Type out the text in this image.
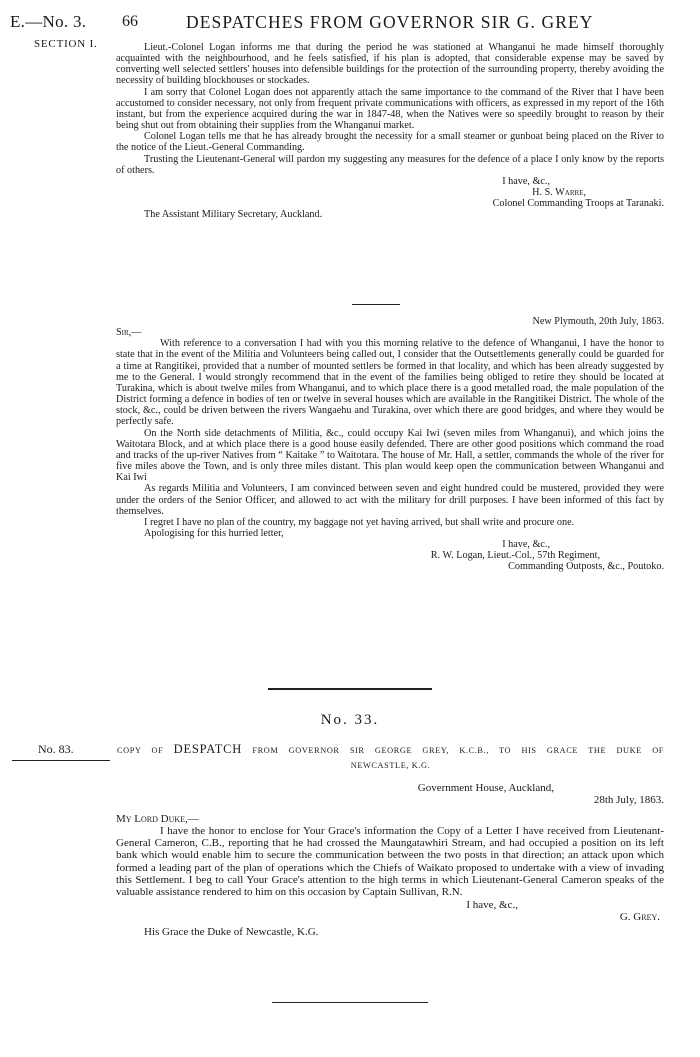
E.—No. 3. 66	DESPATCHES FROM GOVERNOR SIR G. GREY
SECTION I.	Lieut.-Colonel Logan informs me that during the period he was stationed at Whanganui he made himself thoroughly acquainted with the neighbourhood, and he feels satisfied, if his plan is adopted, that considerable expense may be saved by converting well selected settlers' houses into defensible buildings for the protection of the surrounding property, thereby avoiding the necessity of building blockhouses or stockades.

I am sorry that Colonel Logan does not apparently attach the same importance to the command of the River that I have been accustomed to consider necessary, not only from frequent private communications with officers, as expressed in my report of the 16th instant, but from the experience acquired during the war in 1847-48, when the Natives were so speedily brought to reason by their being shut out from obtaining their supplies from the Whanganui market.

Colonel Logan tells me that he has already brought the necessity for a small steamer or gunboat being placed on the River to the notice of the Lieut.-General Commanding.

Trusting the Lieutenant-General will pardon my suggesting any measures for the defence of a place I only know by the reports of others.

I have, &c.,

H. S. Warre,

Colonel Commanding Troops at Taranaki.

The Assistant Military Secretary, Auckland.

New Plymouth, 20th July, 1863.

Sir,—

With reference to a conversation I had with you this morning relative to the defence of Whanganui, I have the honor to state that in the event of the Militia and Volunteers being called out, I consider that the Outsettlements generally could be guarded for a time at Rangitikei, provided that a number of mounted settlers be formed in that locality, and which has been already suggested by me to the General. I would strongly recommend that in the event of the families being obliged to retire they should be located at Turakina, which is about twelve miles from Whanganui, and to which place there is a good metalled road, the male population of the District forming a defence in bodies of ten or twelve in several houses which are available in the Rangitikei District. The whole of the stock, &c., could be driven between the rivers Wangaehu and Turakina, over which there are good bridges, and where they would be perfectly safe.

On the North side detachments of Militia, &c., could occupy Kai Iwi (seven miles from Whanganui), and which joins the Waitotara Block, and at which place there is a good house easily defended. There are other good positions which command the road and tracks of the up-river Natives from “ Kaitake ” to Waitotara. The house of Mr. Hall, a settler, commands the whole of the river for five miles above the Town, and is only three miles distant. This plan would keep open the communication between Whanganui and Kai Iwi

As regards Militia and Volunteers, I am convinced between seven and eight hundred could be mustered, provided they were under the orders of the Senior Officer, and allowed to act with the military for drill purposes. I have been informed of this fact by themselves.

I regret I have no plan of the country, my baggage not yet having arrived, but shall write and procure one.

Apologising for this hurried letter,

I have, &c.,

R. W. Logan, Lieut.-Col., 57th Regiment,

Commanding Outposts, &c., Poutoko.

No. 33.
No. 83.	COPY OF DESPATCH FROM GOVERNOR SIR GEORGE GREY, K.C.B., TO HIS GRACE THE DUKE OF
NEWCASTLE, K.G.

Government House, Auckland,

28th July, 1863.

My Lord Duke,—

I have the honor to enclose for Your Grace's information the Copy of a Letter I have received from Lieutenant-General Cameron, C.B., reporting that he had crossed the Maungatawhiri Stream, and had occupied a position on its left bank which would enable him to secure the communication between the two posts in that direction; an attack upon which formed a leading part of the plan of operations which the Chiefs of Waikato proposed to undertake with a view of invading this Settlement. I beg to call Your Grace's attention to the high terms in which Lieutenant-General Cameron speaks of the valuable assistance rendered to him on this occasion by Captain Sullivan, R.N.

I have, &c.,

G. Grey.

His Grace the Duke of Newcastle, K.G.
